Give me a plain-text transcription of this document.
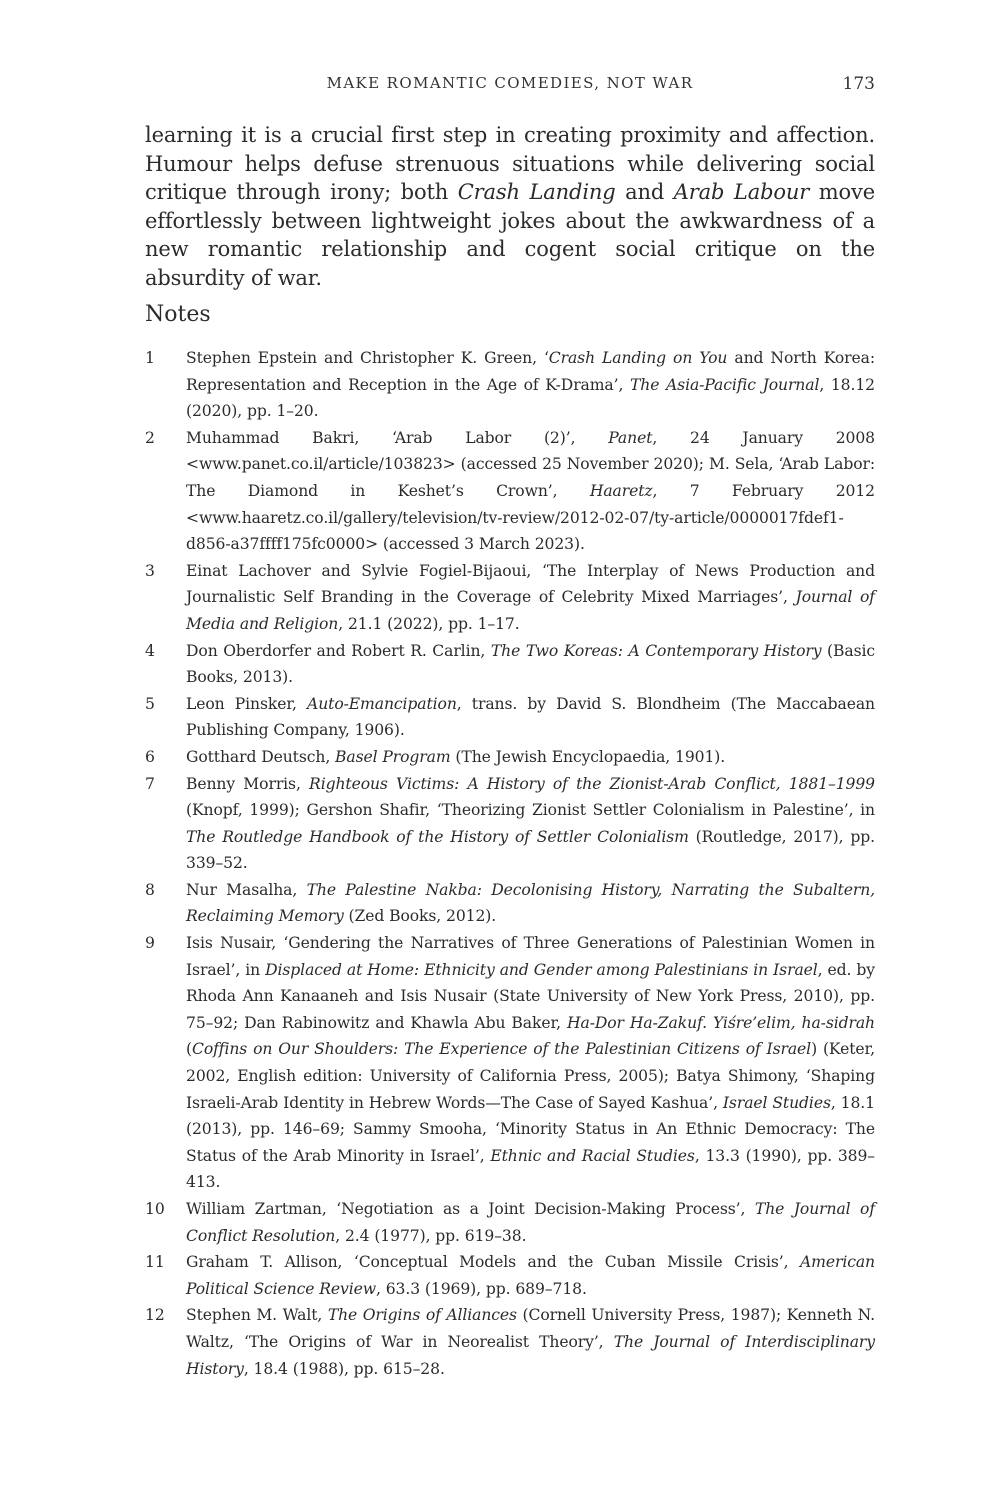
MAKE ROMANTIC COMEDIES, NOT WAR	173

learning it is a crucial first step in creating proximity and affection. Humour helps defuse strenuous situations while delivering social critique through irony; both Crash Landing and Arab Labour move effortlessly between lightweight jokes about the awkwardness of a new romantic relationship and cogent social critique on the absurdity of war.

Notes
1 Stephen Epstein and Christopher K. Green, ‘Crash Landing on You and North Korea: Representation and Reception in the Age of K-Drama’, The Asia-Pacific Journal, 18.12 (2020), pp. 1–20.
2 Muhammad Bakri, ‘Arab Labor (2)’, Panet, 24 January 2008 <www.panet.co.il/article/103823> (accessed 25 November 2020); M. Sela, ‘Arab Labor: The Diamond in Keshet’s Crown’, Haaretz, 7 February 2012 <www.haaretz.co.il/gallery/television/tv-review/2012-02-07/ty-article/0000017fdef1-d856-a37ffff175fc0000> (accessed 3 March 2023).
3 Einat Lachover and Sylvie Fogiel-Bijaoui, ‘The Interplay of News Production and Journalistic Self Branding in the Coverage of Celebrity Mixed Marriages’, Journal of Media and Religion, 21.1 (2022), pp. 1–17.
4 Don Oberdorfer and Robert R. Carlin, The Two Koreas: A Contemporary History (Basic Books, 2013).
5 Leon Pinsker, Auto-Emancipation, trans. by David S. Blondheim (The Maccabaean Publishing Company, 1906).
6 Gotthard Deutsch, Basel Program (The Jewish Encyclopaedia, 1901).
7 Benny Morris, Righteous Victims: A History of the Zionist-Arab Conflict, 1881–1999 (Knopf, 1999); Gershon Shafir, ‘Theorizing Zionist Settler Colonialism in Palestine’, in The Routledge Handbook of the History of Settler Colonialism (Routledge, 2017), pp. 339–52.
8 Nur Masalha, The Palestine Nakba: Decolonising History, Narrating the Subaltern, Reclaiming Memory (Zed Books, 2012).
9 Isis Nusair, ‘Gendering the Narratives of Three Generations of Palestinian Women in Israel’, in Displaced at Home: Ethnicity and Gender among Palestinians in Israel, ed. by Rhoda Ann Kanaaneh and Isis Nusair (State University of New York Press, 2010), pp. 75–92; Dan Rabinowitz and Khawla Abu Baker, Ha-Dor Ha-Zakuf. Yiśre’elim, ha-sidrah (Coffins on Our Shoulders: The Experience of the Palestinian Citizens of Israel) (Keter, 2002, English edition: University of California Press, 2005); Batya Shimony, ‘Shaping Israeli-Arab Identity in Hebrew Words—The Case of Sayed Kashua’, Israel Studies, 18.1 (2013), pp. 146–69; Sammy Smooha, ‘Minority Status in An Ethnic Democracy: The Status of the Arab Minority in Israel’, Ethnic and Racial Studies, 13.3 (1990), pp. 389–413.
10 William Zartman, ‘Negotiation as a Joint Decision-Making Process’, The Journal of Conflict Resolution, 2.4 (1977), pp. 619–38.
11 Graham T. Allison, ‘Conceptual Models and the Cuban Missile Crisis’, American Political Science Review, 63.3 (1969), pp. 689–718.
12 Stephen M. Walt, The Origins of Alliances (Cornell University Press, 1987); Kenneth N. Waltz, ‘The Origins of War in Neorealist Theory’, The Journal of Interdisciplinary History, 18.4 (1988), pp. 615–28.
